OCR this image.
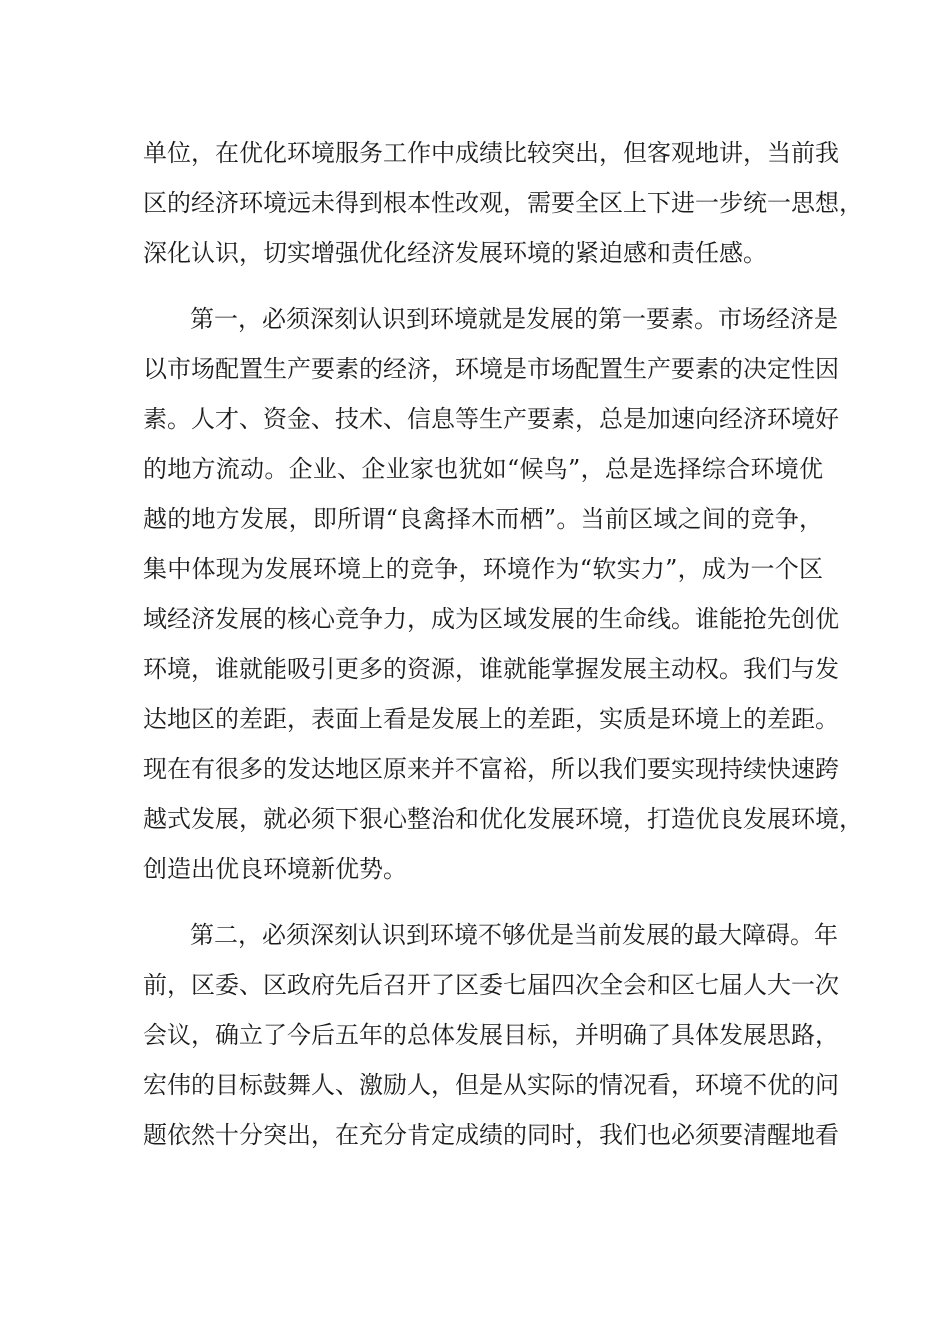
单位，在优化环境服务工作中成绩比较突出，但客观地讲，当前我

区的经济环境远未得到根本性改观，需要全区上下进一步统一思想，

深化认识，切实增强优化经济发展环境的紧迫感和责任感。

第一，必须深刻认识到环境就是发展的第一要素。市场经济是

以市场配置生产要素的经济，环境是市场配置生产要素的决定性因

素。人才、资金、技术、信息等生产要素，总是加速向经济环境好

的地方流动。企业、企业家也犹如“候鸟”，总是选择综合环境优

越的地方发展，即所谓“良禽择木而栖”。当前区域之间的竞争，

集中体现为发展环境上的竞争，环境作为“软实力”，成为一个区

域经济发展的核心竞争力，成为区域发展的生命线。谁能抢先创优

环境，谁就能吸引更多的资源，谁就能掌握发展主动权。我们与发

达地区的差距，表面上看是发展上的差距，实质是环境上的差距。

现在有很多的发达地区原来并不富裕，所以我们要实现持续快速跨

越式发展，就必须下狠心整治和优化发展环境，打造优良发展环境，

创造出优良环境新优势。

第二，必须深刻认识到环境不够优是当前发展的最大障碍。年

前，区委、区政府先后召开了区委七届四次全会和区七届人大一次

会议，确立了今后五年的总体发展目标，并明确了具体发展思路，

宏伟的目标鼓舞人、激励人，但是从实际的情况看，环境不优的问

题依然十分突出，在充分肯定成绩的同时，我们也必须要清醒地看
